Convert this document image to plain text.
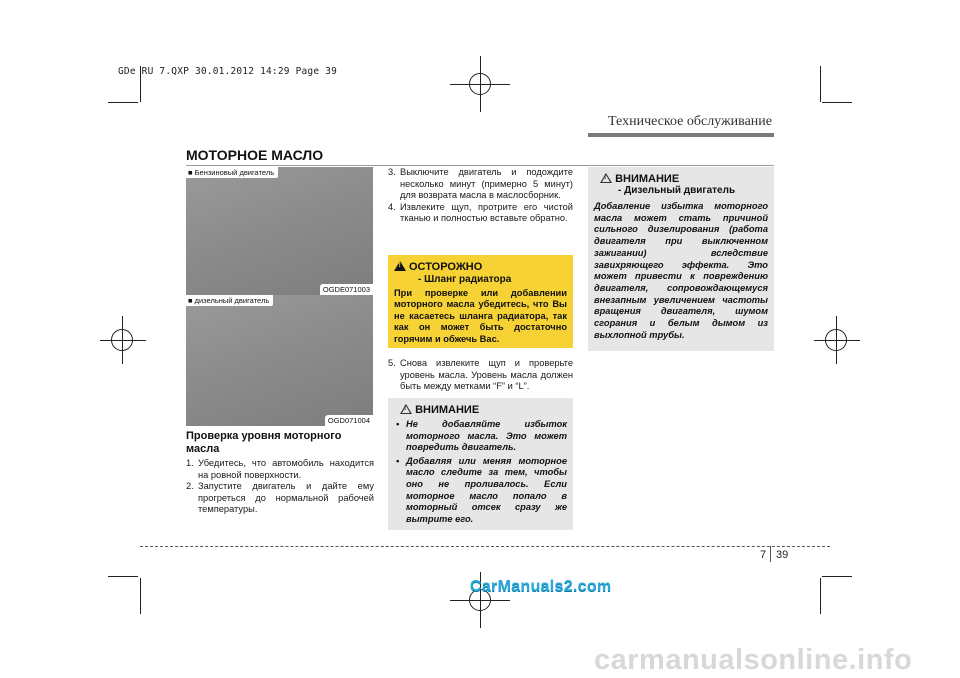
GDe RU 7.QXP 30.01.2012 14:29 Page 39
Техническое обслуживание
МОТОРНОЕ МАСЛО
■ Бензиновый двигатель
OGDE071003
■ дизельный двигатель
OGD071004
Проверка уровня моторного масла
1. Убедитесь, что автомобиль находится на ровной поверхности.
2. Запустите двигатель и дайте ему прогреться до нормальной рабочей температуры.
3. Выключите двигатель и подождите несколько минут (примерно 5 минут) для возврата масла в маслосборник.
4. Извлеките щуп, протрите его чистой тканью и полностью вставьте обратно.
!ОСТОРОЖНО
- Шланг радиатора
При проверке или добавлении моторного масла убедитесь, что Вы не касаетесь шланга радиатора, так как он может быть достаточно горячим и обжечь Вас.
5. Снова извлеките щуп и проверьте уровень масла. Уровень масла должен быть между метками “F” и “L”.
! ВНИМАНИЕ
• Не добавляйте избыток моторного масла. Это может повредить двигатель.
• Добавляя или меняя моторное масло следите за тем, чтобы оно не проливалось. Если моторное масло попало в моторный отсек сразу же вытрите его.
! ВНИМАНИЕ
- Дизельный двигатель
Добавление избытка моторного масла может стать причиной сильного дизелирования (работа двигателя при выключенном зажигании) вследствие завихряющего эффекта. Это может привести к повреждению двигателя, сопровождающемуся внезапным увеличением частоты вращения двигателя, шумом сгорания и белым дымом из выхлопной трубы.
7 39
CarManuals2.com
carmanualsonline.info
